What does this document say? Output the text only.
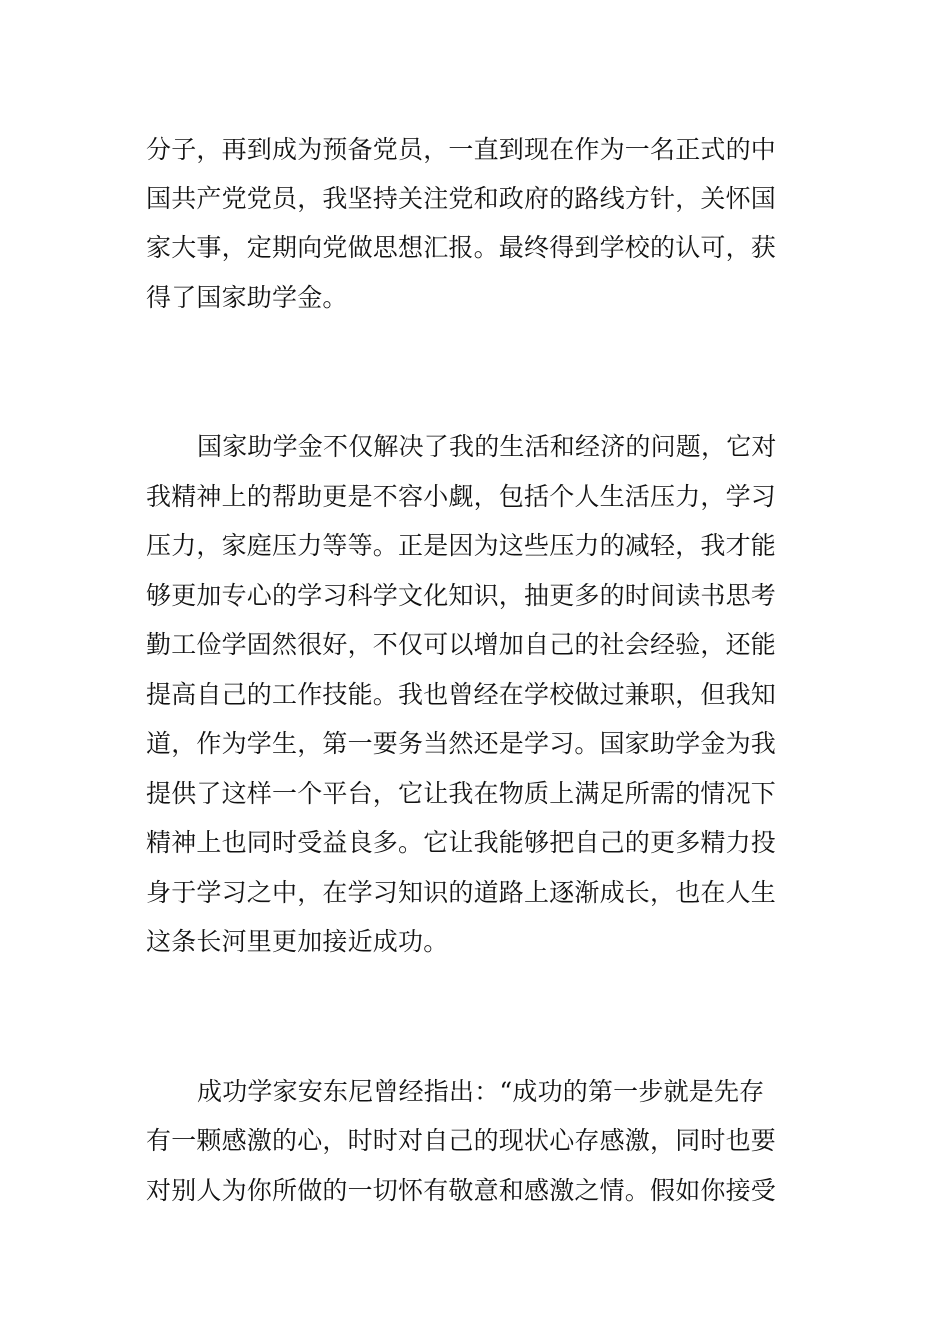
分子，再到成为预备党员，一直到现在作为一名正式的中
国共产党党员，我坚持关注党和政府的路线方针，关怀国
家大事，定期向党做思想汇报。最终得到学校的认可，获
得了国家助学金。
国家助学金不仅解决了我的生活和经济的问题，它对
我精神上的帮助更是不容小觑，包括个人生活压力，学习
压力，家庭压力等等。正是因为这些压力的减轻，我才能
够更加专心的学习科学文化知识，抽更多的时间读书思考
勤工俭学固然很好，不仅可以增加自己的社会经验，还能
提高自己的工作技能。我也曾经在学校做过兼职，但我知
道，作为学生，第一要务当然还是学习。国家助学金为我
提供了这样一个平台，它让我在物质上满足所需的情况下
精神上也同时受益良多。它让我能够把自己的更多精力投
身于学习之中，在学习知识的道路上逐渐成长，也在人生
这条长河里更加接近成功。
成功学家安东尼曾经指出：“成功的第一步就是先存
有一颗感激的心，时时对自己的现状心存感激，同时也要
对别人为你所做的一切怀有敬意和感激之情。假如你接受
